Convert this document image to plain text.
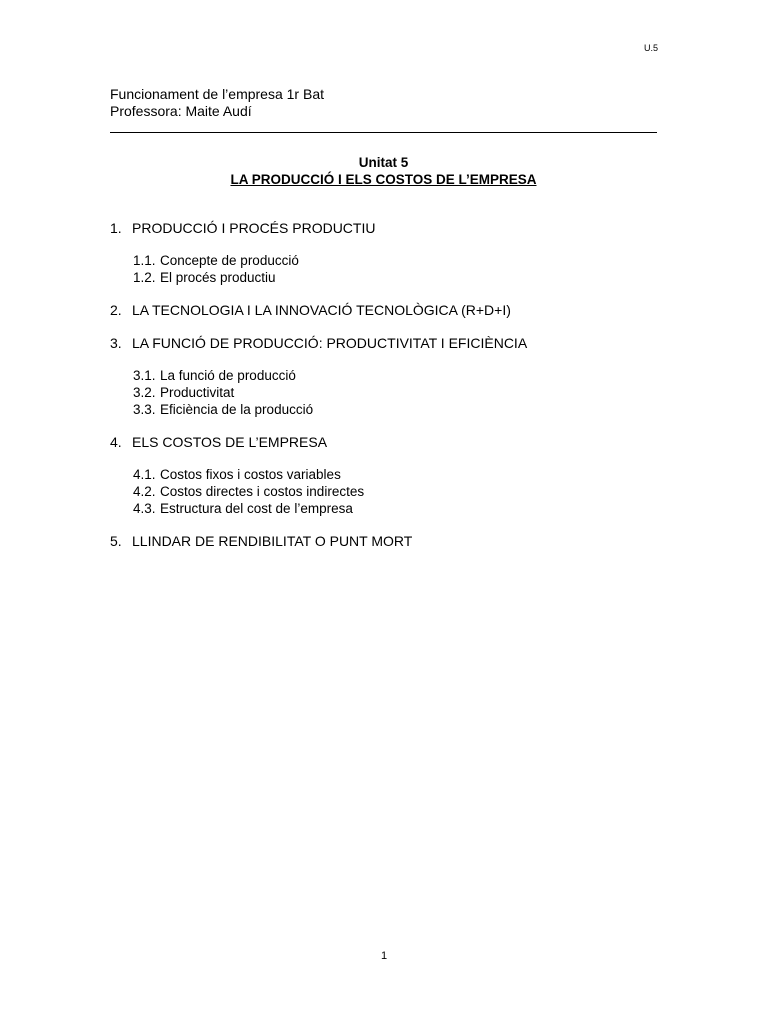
U.5
Funcionament de l’empresa 1r Bat
Professora: Maite Audí
Unitat 5
LA PRODUCCIÓ I ELS COSTOS DE L’EMPRESA
1. PRODUCCIÓ I PROCÉS PRODUCTIU
1.1. Concepte de producció
1.2. El procés productiu
2. LA TECNOLOGIA I LA INNOVACIÓ TECNOLÒGICA (R+D+I)
3. LA FUNCIÓ DE PRODUCCIÓ: PRODUCTIVITAT I EFICIÈNCIA
3.1. La funció de producció
3.2. Productivitat
3.3. Eficiència de la producció
4. ELS COSTOS DE L’EMPRESA
4.1. Costos fixos i costos variables
4.2. Costos directes i costos indirectes
4.3. Estructura del cost de l’empresa
5. LLINDAR DE RENDIBILITAT O PUNT MORT
1
